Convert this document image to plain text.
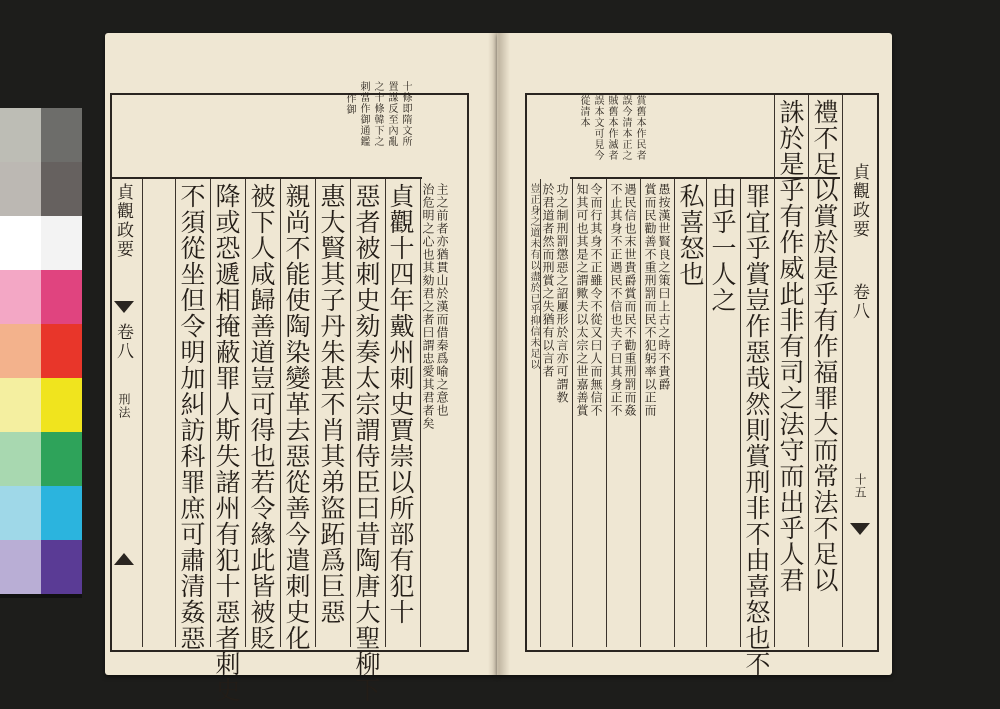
十條即隋文所
置謀反至內亂
之十條韓下之
刺當作御通鑑
作御
貞觀政要
卷八
刑法	主之前者亦猶貫山於漢而借秦爲喻之意也
治危明之心也其劾君之者曰謂忠愛其君者矣
貞觀十四年戴州刺史賈崇以所部有犯十
惡者被刺史劾奏太宗謂侍臣曰昔陶唐大聖柳下
惠大賢其子丹朱甚不肖其弟盜跖爲巨惡
親尚不能使陶染變革去惡從善今遣刺史化
被下人咸歸善道豈可得也若令緣此皆被貶
降或恐遞相掩蔽罪人斯失諸州有犯十惡者刺史
不須從坐但令明加糾訪科罪庶可肅清姦惡
賞舊本作民者
誤今清本正之
賊舊本作滅者
誤本文可見今
從清本
貞觀政要
卷八
十五
禮不足以賞於是乎有作福罪大而常法不足以
誅於是乎有作威此非有司之法守而出乎人君
罪宜乎賞豈作惡哉然則賞刑非不由喜怒也不
由乎一人之
私喜怒也
愚按漢世賢良之策曰上古之時不貴爵
賞而民勸善不重刑罰而民不犯躬率以正而
遇民信也末世貴爵賞而民不勸重刑罰而姦
不止其身不正遇民不信也夫子曰其身正不
令而行其身不正雖令不從又曰人而無信不
知其可也其是之謂歟夫以太宗之世嘉善賞
功之制刑罰懲惡之詔屢形於言亦可謂教
於君道者然而刑賞之失猶有以言者
豈正身之道未有以盡於已乎抑信未足以
